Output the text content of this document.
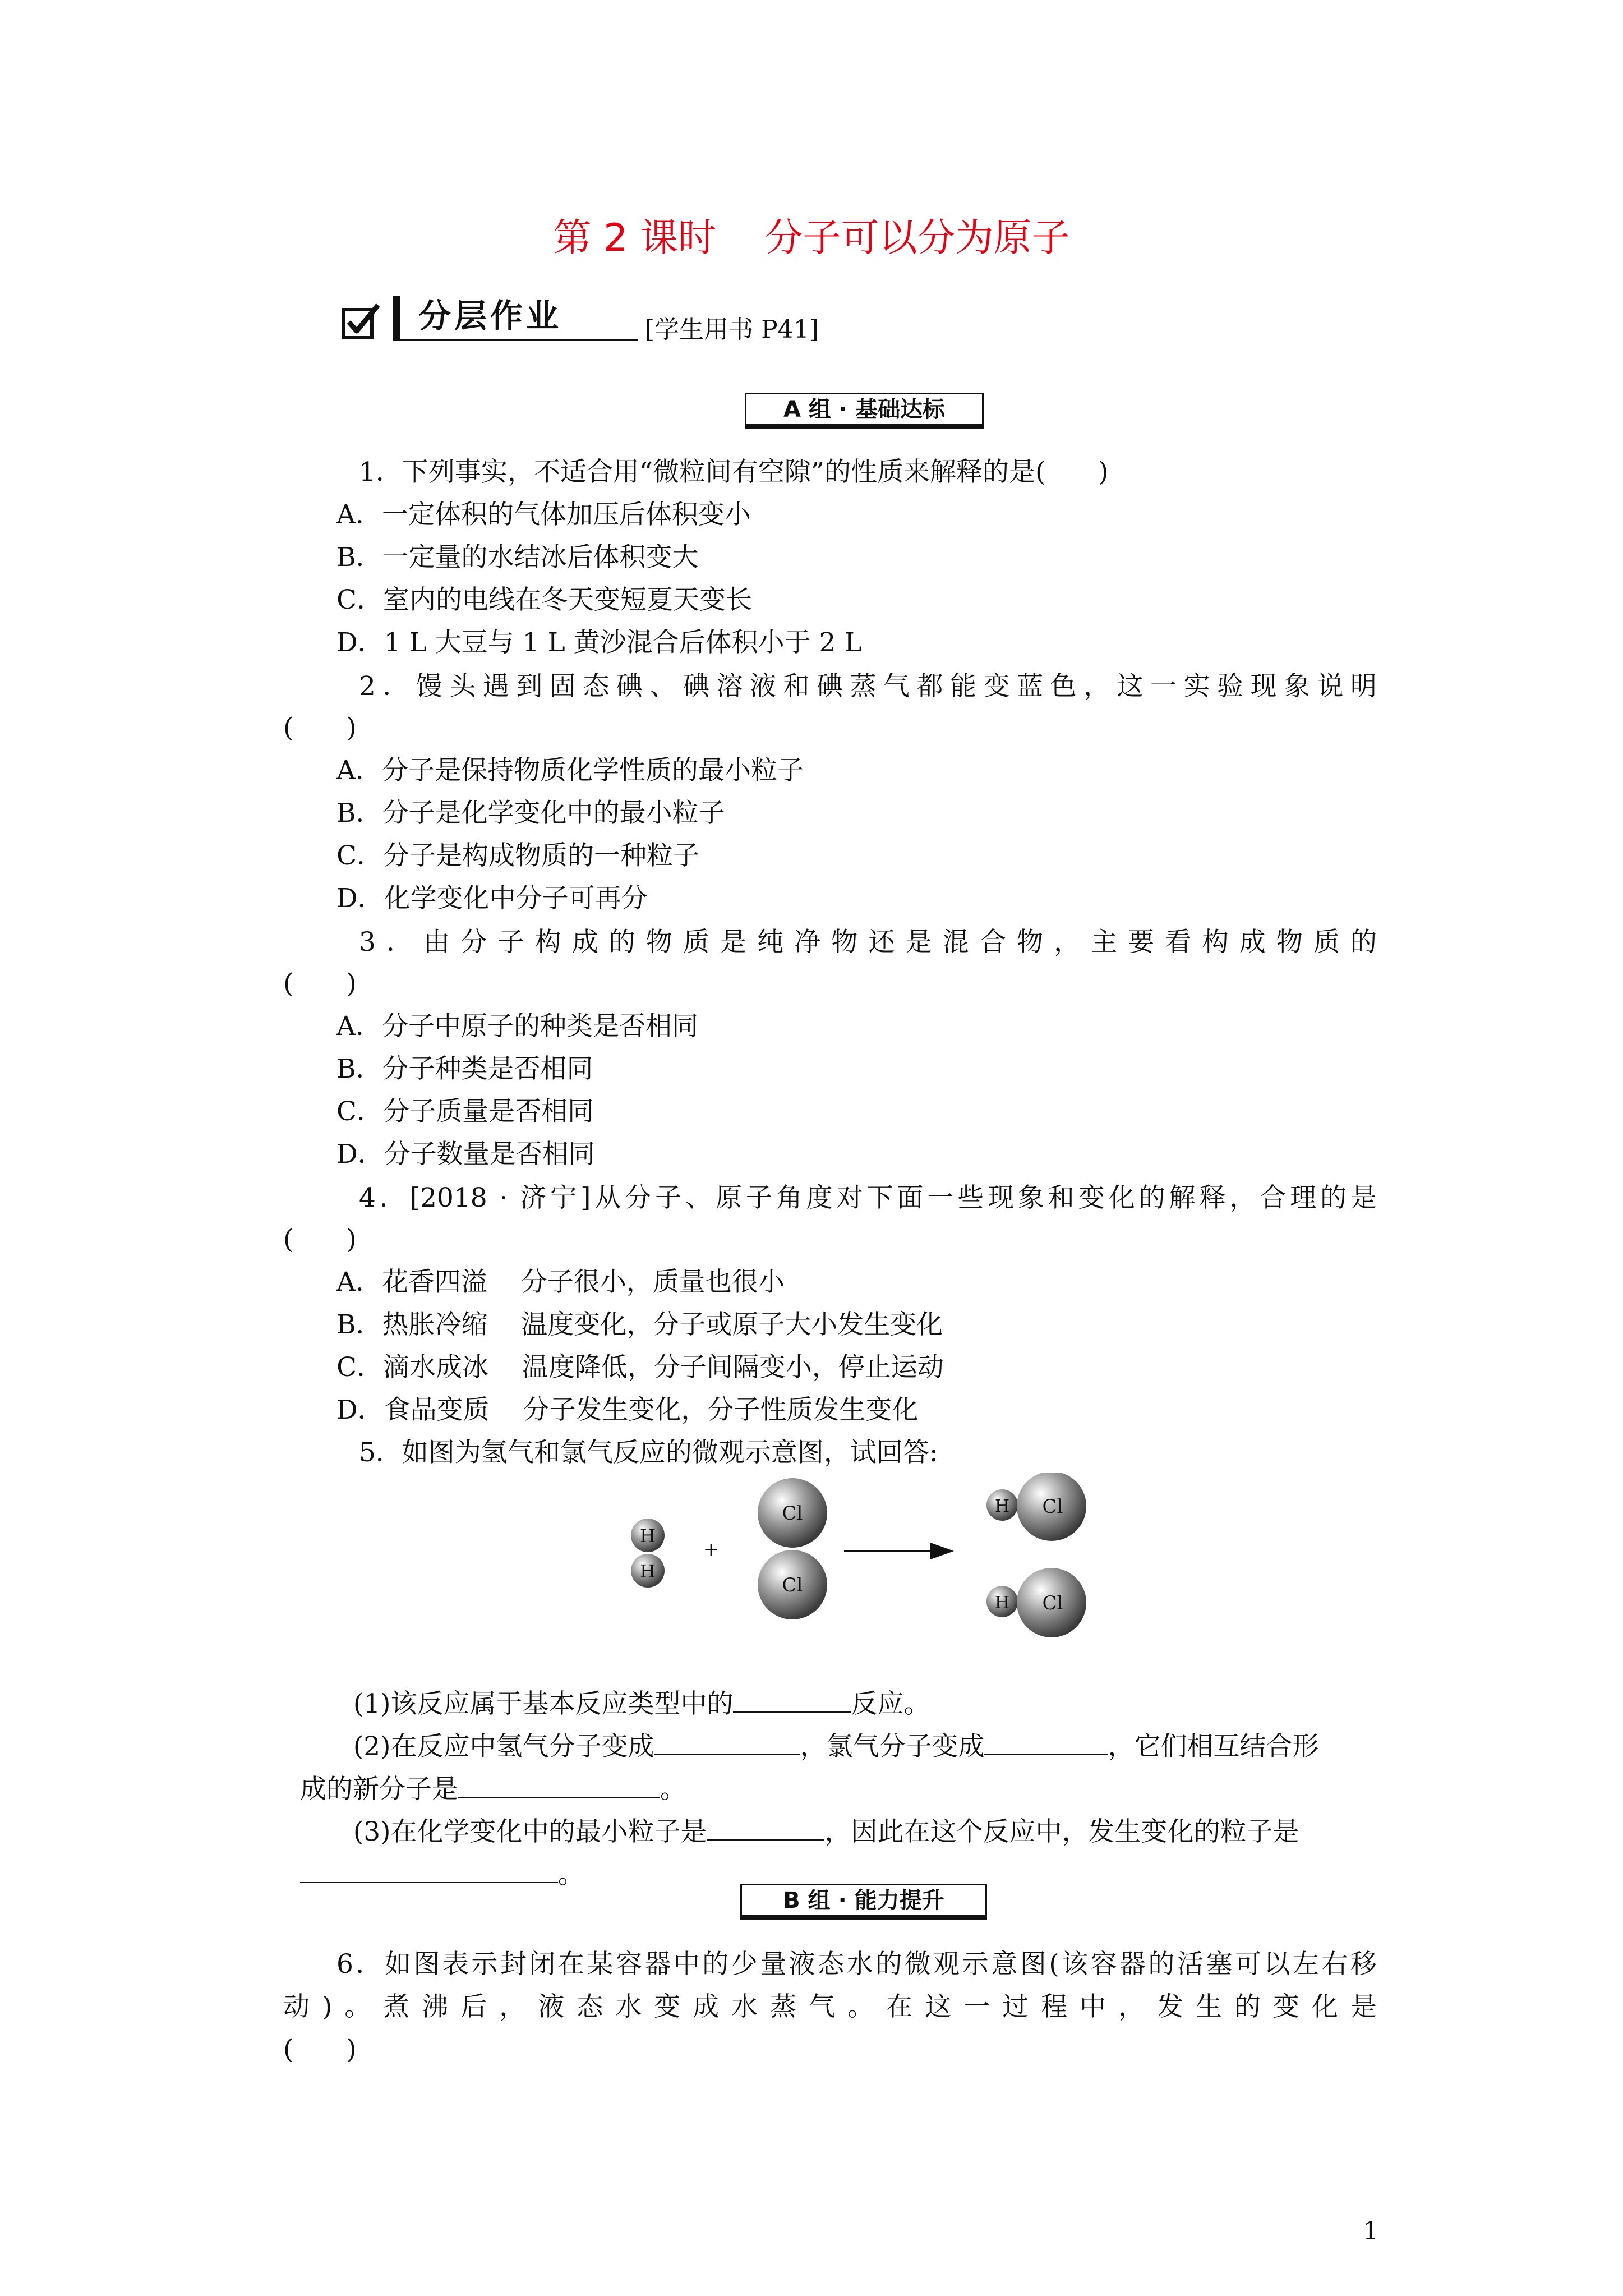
第 2 课时    分子可以分为原子
分层作业	[学生用书 P41]
A 组 · 基础达标
1．下列事实，不适合用“微粒间有空隙”的性质来解释的是(　　)
A．一定体积的气体加压后体积变小
B．一定量的水结冰后体积变大
C．室内的电线在冬天变短夏天变长
D．1 L 大豆与 1 L 黄沙混合后体积小于 2 L
2．馒头遇到固态碘、碘溶液和碘蒸气都能变蓝色，这一实验现象说明
(　　)
A．分子是保持物质化学性质的最小粒子
B．分子是化学变化中的最小粒子
C．分子是构成物质的一种粒子
D．化学变化中分子可再分
3．由分子构成的物质是纯净物还是混合物，主要看构成物质的
(　　)
A．分子中原子的种类是否相同
B．分子种类是否相同
C．分子质量是否相同
D．分子数量是否相同
4．[2018 · 济宁]从分子、原子角度对下面一些现象和变化的解释，合理的是
(　　)
A．花香四溢    分子很小，质量也很小
B．热胀冷缩    温度变化，分子或原子大小发生变化
C．滴水成冰    温度降低，分子间隔变小，停止运动
D．食品变质    分子发生变化，分子性质发生变化
5．如图为氢气和氯气反应的微观示意图，试回答:
H
H
+
Cl
Cl
H Cl
H Cl

(1)该反应属于基本反应类型中的	反应。

(2)在反应中氢气分子变成	，氯气分子变成	，它们相互结合形

成的新分子是	。

(3)在化学变化中的最小粒子是	，因此在这个反应中，发生变化的粒子是

。

B 组 · 能力提升
6．如图表示封闭在某容器中的少量液态水的微观示意图(该容器的活塞可以左右移
动)。煮沸后，液态水变成水蒸气。在这一过程中，发生的变化是
(　　)
1
